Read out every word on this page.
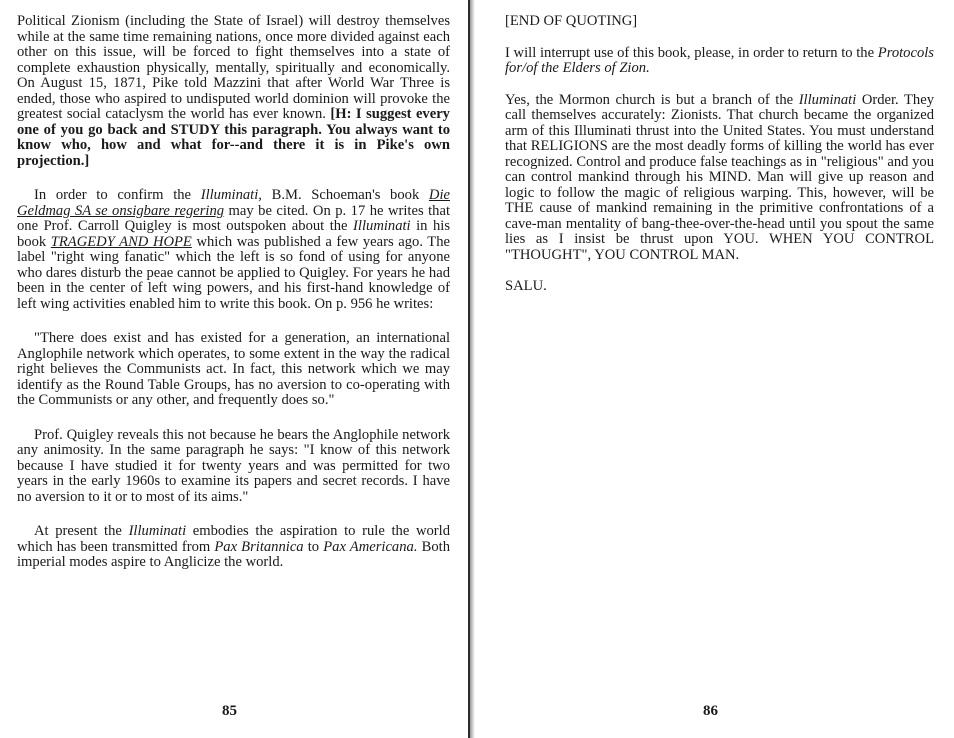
Political Zionism (including the State of Israel) will destroy themselves while at the same time remaining nations, once more divided against each other on this issue, will be forced to fight themselves into a state of complete exhaustion physically, mentally, spiritually and economically. On August 15, 1871, Pike told Mazzini that after World War Three is ended, those who aspired to undisputed world dominion will provoke the greatest social cataclysm the world has ever known. [H: I suggest every one of you go back and STUDY this paragraph. You always want to know who, how and what for--and there it is in Pike's own projection.]

In order to confirm the Illuminati, B.M. Schoeman's book Die Geldmag SA se onsigbare regering may be cited. On p. 17 he writes that one Prof. Carroll Quigley is most outspoken about the Illuminati in his book TRAGEDY AND HOPE which was published a few years ago. The label "right wing fanatic" which the left is so fond of using for anyone who dares disturb the peae cannot be applied to Quigley. For years he had been in the center of left wing powers, and his first-hand knowledge of left wing activities enabled him to write this book. On p. 956 he writes:

"There does exist and has existed for a generation, an international Anglophile network which operates, to some extent in the way the radical right believes the Communists act. In fact, this network which we may identify as the Round Table Groups, has no aversion to co-operating with the Communists or any other, and frequently does so."

Prof. Quigley reveals this not because he bears the Anglophile network any animosity. In the same paragraph he says: "I know of this network because I have studied it for twenty years and was permitted for two years in the early 1960s to examine its papers and secret records. I have no aversion to it or to most of its aims."

At present the Illuminati embodies the aspiration to rule the world which has been transmitted from Pax Britannica to Pax Americana. Both imperial modes aspire to Anglicize the world.

85

[END OF QUOTING]

I will interrupt use of this book, please, in order to return to the Protocols for/of the Elders of Zion.

Yes, the Mormon church is but a branch of the Illuminati Order. They call themselves accurately: Zionists. That church became the organized arm of this Illuminati thrust into the United States. You must understand that RELIGIONS are the most deadly forms of killing the world has ever recognized. Control and produce false teachings as in "religious" and you can control mankind through his MIND. Man will give up reason and logic to follow the magic of religious warping. This, however, will be THE cause of mankind remaining in the primitive confrontations of a cave-man mentality of bang-thee-over-the-head until you spout the same lies as I insist be thrust upon YOU. WHEN YOU CONTROL "THOUGHT", YOU CONTROL MAN.

SALU.

86
